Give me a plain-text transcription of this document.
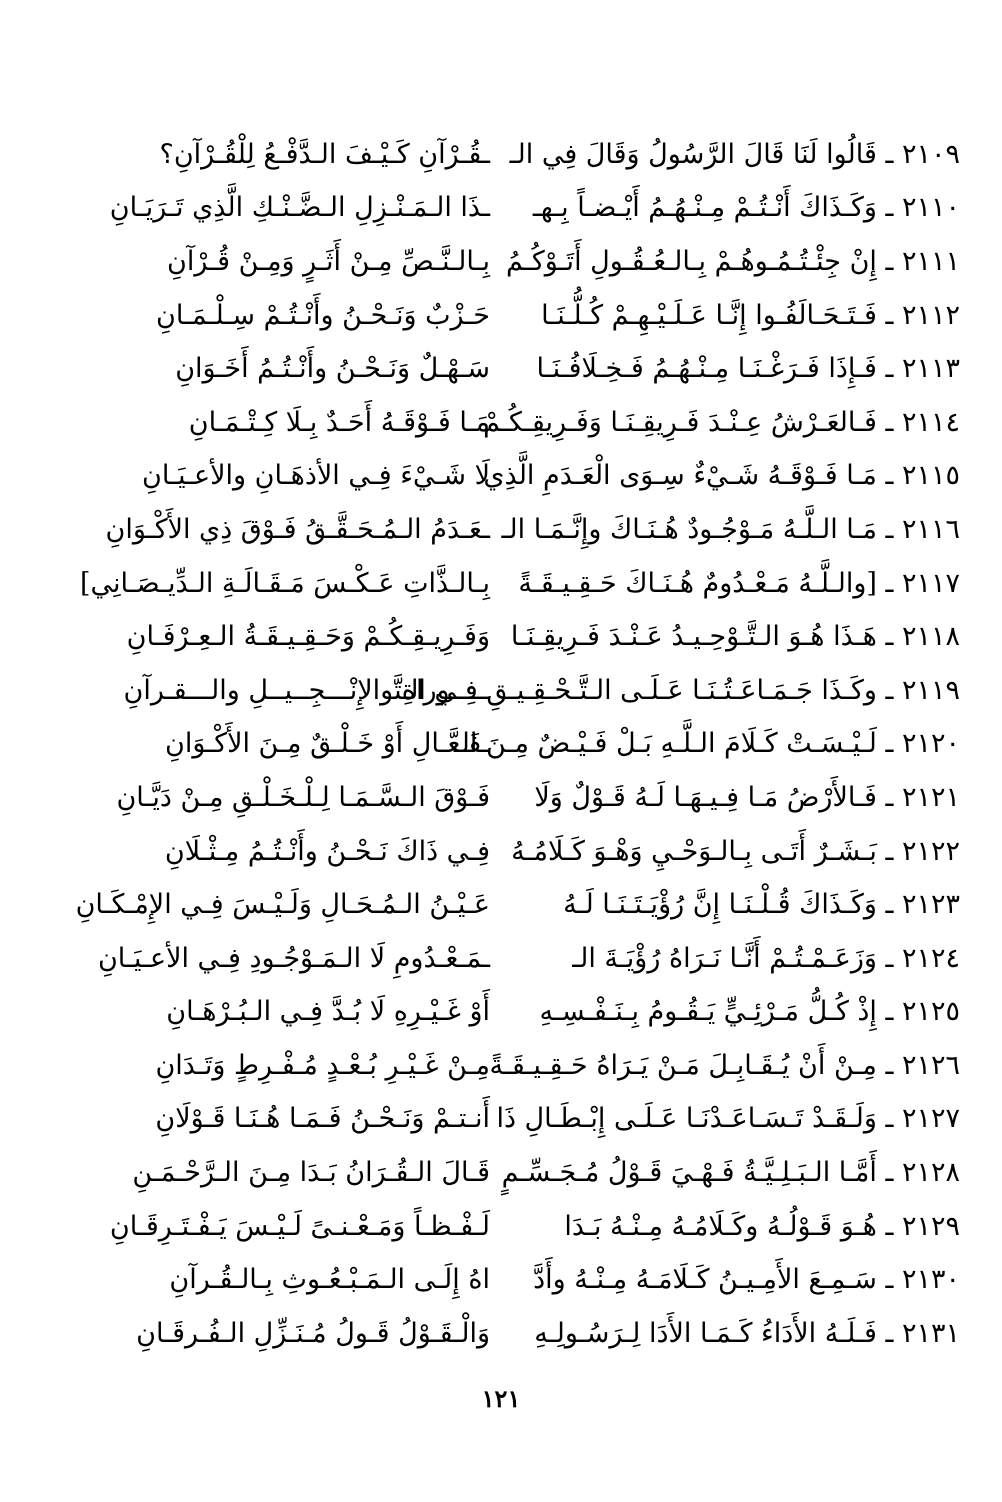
٢١٠٩ ـ قَالُوا لَنَا قَالَ الرَّسُولُ وَقَالَ فِي الـ
ـقُـرْآنِ كَـيْـفَ الـدَّفْـعُ لِلْقُـرْآنِ؟
٢١١٠ ـ وَكَـذَاكَ أَنْـتُـمْ مِـنْـهُـمُ أَيْـضـاً بِـهـ
ـذَا الـمَـنْـزِلِ الـضَّـنْـكِ الَّذِي تَـرَيَـانِ
٢١١١ ـ إِنْ جِئْـتُـمُـوهُـمْ بِـالـعُـقُـولِ أَتَـوْكُـمُ
بِـالـنَّـصِّ مِـنْ أَثَـرٍ وَمِـنْ قُـرْآنِ
٢١١٢ ـ فَـتَـحَـالَفُـوا إِنَّـا عَـلَـيْـهِـمْ كُـلُّـنَـا
حَـزْبٌ وَنَـحْـنُ وأَنْـتُـمْ سِـلْـمَـانِ
٢١١٣ ـ فَـإِذَا فَـرَغْـنَـا مِـنْـهُـمُ فَـخِـلَافُـنَـا
سَـهْـلٌ وَنَـحْـنُ وأَنْـتُـمُ أَخَـوَانِ
٢١١٤ ـ فَـالعَـرْشُ عِـنْـدَ فَـرِيقِـنَـا وَفَـرِيقِـكُـمْ
مَـا فَـوْقَـهُ أَحَـدٌ بِـلَا كِـتْـمَـانِ
٢١١٥ ـ مَـا فَـوْقَـهُ شَـيْءٌ سِـوَى الْعَـدَمِ الَّذِي
لَا شَـيْءَ فِـي الأذهَـانِ والأعـيَـانِ
٢١١٦ ـ مَـا الـلَّـهُ مَـوْجُـودٌ هُـنَـاكَ وإِنَّـمَـا الـ
ـعَـدَمُ الـمُـحَـقَّـقُ فَـوْقَ ذِي الأَكْـوَانِ
٢١١٧ ـ [والـلَّـهُ مَـعْـدُومٌ هُـنَـاكَ حَـقِـيـقَـةً
بِـالـذَّاتِ عَـكْـسَ مَـقَـالَـةِ الـدِّيـصَـانِي]
٢١١٨ ـ هَـذَا هُـوَ الـتَّـوْحِـيـدُ عَـنْـدَ فَـرِيقِـنَـا
وَفَـرِيـقِـكُـمْ وَحَـقِـيـقَـةُ الـعِـرْفَـانِ
٢١١٩ ـ وكَـذَا جَـمَـاعَـتُـنَـا عَـلَـى الـتَّـحْـقِـيـقِ فِـي الـتَّـ
ـــــوراةِ والإِنْـــجِــيــلِ والـــقـرآنِ
٢١٢٠ ـ لَـيْـسَـتْ كَـلَامَ الـلَّـهِ بَـلْ فَـيْـضٌ مِـنَ الـ
ـفَـعَّـالِ أَوْ خَـلْـقٌ مِـنَ الأَكْـوَانِ
٢١٢١ ـ فَـالأَرْضُ مَـا فِـيـهَـا لَـهُ قَـوْلٌ وَلَا
فَـوْقَ الـسَّـمَـا لِـلْـخَـلْـقِ مِـنْ دَيَّـانِ
٢١٢٢ ـ بَـشَـرٌ أَتَـى بِـالـوَحْـيِ وَهْـوَ كَـلَامُـهُ
فِـي ذَاكَ نَـحْـنُ وأَنْـتُـمُ مِـثْـلَانِ
٢١٢٣ ـ وَكَـذَاكَ قُـلْـنَـا إِنَّ رُؤْيَـتَـنَـا لَـهُ
عَـيْـنُ الـمُـحَـالِ وَلَـيْـسَ فِـي الإِمْـكَـانِ
٢١٢٤ ـ وَزَعَـمْـتُـمْ أَنَّـا نَـرَاهُ رُؤْيَـةَ الـ
ـمَـعْـدُومِ لَا الـمَـوْجُـودِ فِـي الأعـيَـانِ
٢١٢٥ ـ إِذْ كُـلُّ مَـرْئِـيٍّ يَـقُـومُ بِـنَـفْـسِـهِ
أَوْ غَـيْـرِهِ لَا بُـدَّ فِـي الـبُـرْهَـانِ
٢١٢٦ ـ مِـنْ أَنْ يُـقَـابِـلَ مَـنْ يَـرَاهُ حَـقِـيـقَـةً
مِـنْ غَـيْـرِ بُـعْـدٍ مُـفْـرِطٍ وَتَـدَانِ
٢١٢٧ ـ وَلَـقَـدْ تَـسَـاعَـدْنَـا عَـلَـى إِبْـطَـالِ ذَا
أَنـتـمْ وَنَـحْـنُ فَـمَـا هُـنَـا قَـوْلَانِ
٢١٢٨ ـ أَمَّـا الـبَـلِـيَّـةُ فَـهْـيَ قَـوْلُ مُـجَـسِّـمٍ
قَـالَ الـقُـرَانُ بَـدَا مِـنَ الـرَّحْـمَـنِ
٢١٢٩ ـ هُـوَ قَـوْلُـهُ وكَـلَامُـهُ مِـنْـهُ بَـدَا
لَـفْـظـاً وَمَـعْـنـىً لَـيْـسَ يَـفْـتَـرِقَـانِ
٢١٣٠ ـ سَـمِـعَ الأَمِـيـنُ كَـلَامَـهُ مِـنْـهُ وأَدَّ
اهُ إِلَـى الـمَـبْـعُـوثِ بِـالـقُـرآنِ
٢١٣١ ـ فَـلَـهُ الأَدَاءُ كَـمَـا الأَدَا لِـرَسُـولِـهِ
وَالْـقَـوْلُ قَـولُ مُـنَـزِّلِ الـفُـرقَـانِ
١٢١
